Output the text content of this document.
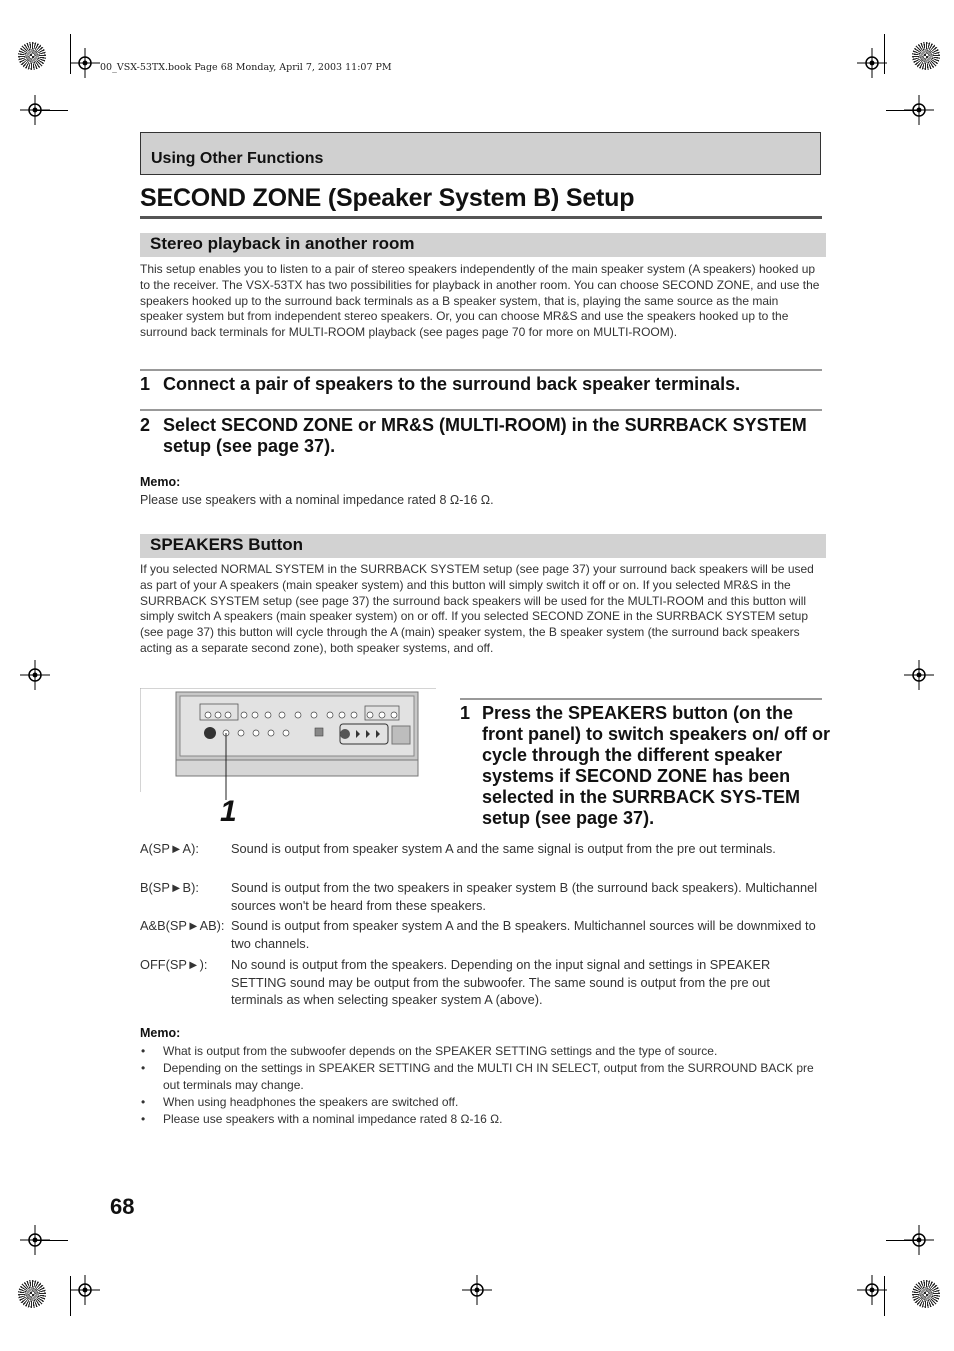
00_VSX-53TX.book Page 68 Monday, April 7, 2003 11:07 PM
Using Other Functions
SECOND ZONE (Speaker System B) Setup
Stereo playback in another room
This setup enables you to listen to a pair of stereo speakers independently of the main speaker system (A speakers) hooked up to the receiver. The VSX-53TX has two possibilities for playback in another room. You can choose SECOND ZONE, and use the speakers hooked up to the surround back terminals as a B speaker system, that is, playing the same source as the main speaker system but from independent stereo speakers. Or, you can choose MR&S and use the speakers hooked up to the surround back terminals for MULTI-ROOM playback (see pages page 70 for more on MULTI-ROOM).
1 Connect a pair of speakers to the surround back speaker terminals.
2 Select SECOND ZONE or MR&S (MULTI-ROOM) in the SURRBACK SYSTEM setup (see page 37).
Memo:
Please use speakers with a nominal impedance rated 8 Ω-16 Ω.
SPEAKERS Button
If you selected NORMAL SYSTEM in the SURRBACK SYSTEM setup (see page 37) your surround back speakers will be used as part of your A speakers (main speaker system) and this button will simply switch it off or on. If you selected MR&S in the SURRBACK SYSTEM setup (see page 37) the surround back speakers will be used for the MULTI-ROOM and this button will simply switch A speakers (main speaker system) on or off. If you selected SECOND ZONE in the SURRBACK SYSTEM setup (see page 37) this button will cycle through the A (main) speaker system, the B speaker system (the surround back speakers acting as a separate second zone), both speaker systems, and off.
1
1 Press the SPEAKERS button (on the front panel) to switch speakers on/ off or cycle through the different speaker systems if SECOND ZONE has been selected in the SURRBACK SYS-TEM setup (see page 37).
A(SP►A):	Sound is output from speaker system A and the same signal is output from the pre out terminals.
B(SP►B):	Sound is output from the two speakers in speaker system B (the surround back speakers). Multichannel sources won't be heard from these speakers.
A&B(SP►AB): Sound is output from speaker system A and the B speakers. Multichannel sources will be downmixed to two channels.
OFF(SP►): No sound is output from the speakers. Depending on the input signal and settings in SPEAKER SETTING sound may be output from the subwoofer. The same sound is output from the pre out terminals as when selecting speaker system A (above).
Memo:
• What is output from the subwoofer depends on the SPEAKER SETTING settings and the type of source.
• Depending on the settings in SPEAKER SETTING and the MULTI CH IN SELECT, output from the SURROUND BACK pre out terminals may change.
• When using headphones the speakers are switched off.
• Please use speakers with a nominal impedance rated 8 Ω-16 Ω.
68
